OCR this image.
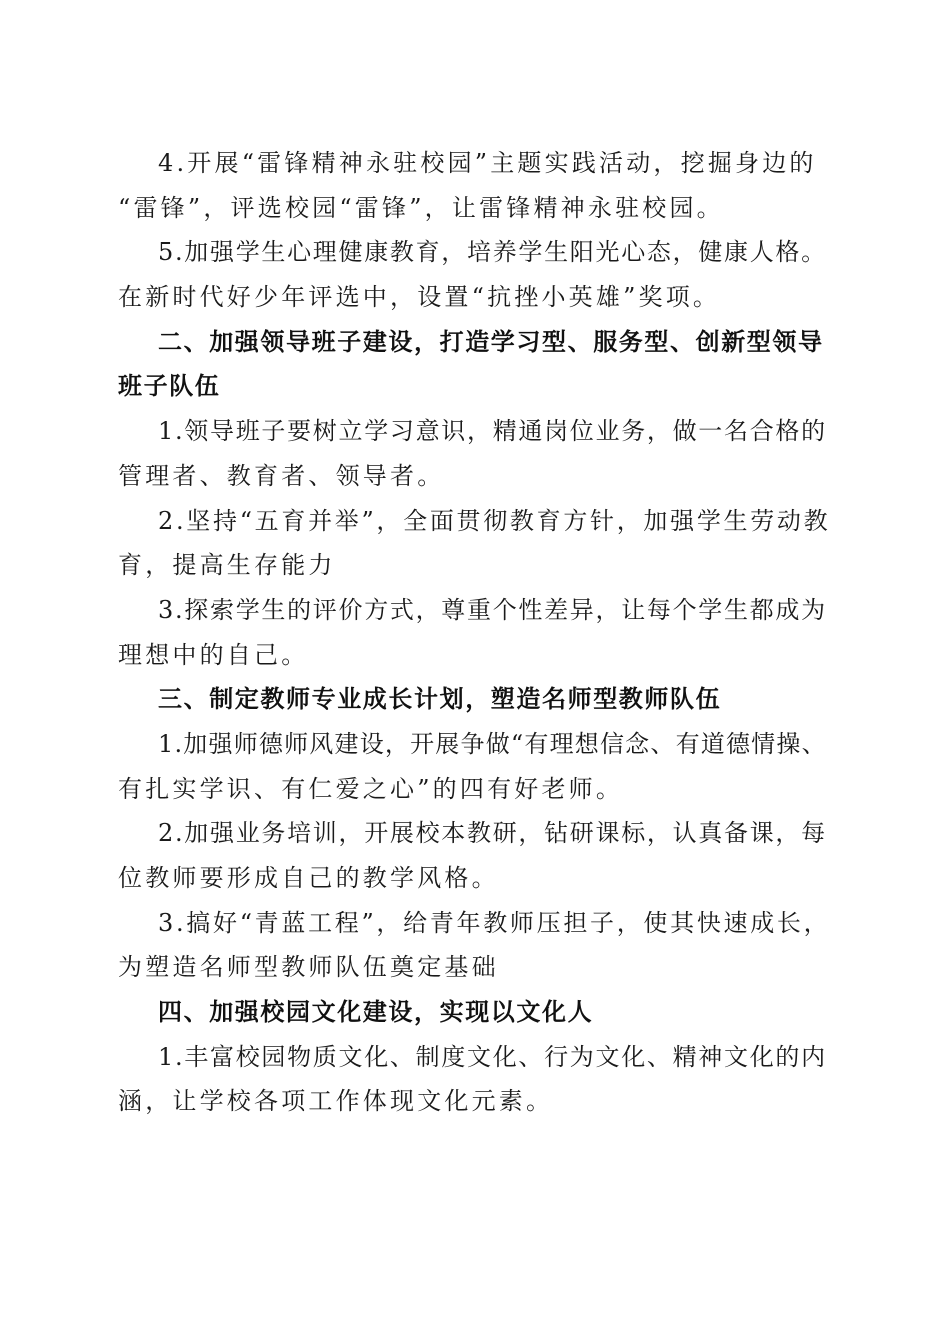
4.开展“雷锋精神永驻校园”主题实践活动，挖掘身边的
“雷锋”，评选校园“雷锋”，让雷锋精神永驻校园。
5.加强学生心理健康教育，培养学生阳光心态，健康人格。
在新时代好少年评选中，设置“抗挫小英雄”奖项。
二、加强领导班子建设，打造学习型、服务型、创新型领导
班子队伍
1.领导班子要树立学习意识，精通岗位业务，做一名合格的
管理者、教育者、领导者。
2.坚持“五育并举”，全面贯彻教育方针，加强学生劳动教
育，提高生存能力
3.探索学生的评价方式，尊重个性差异，让每个学生都成为
理想中的自己。
三、制定教师专业成长计划，塑造名师型教师队伍
1.加强师德师风建设，开展争做“有理想信念、有道德情操、
有扎实学识、有仁爱之心”的四有好老师。
2.加强业务培训，开展校本教研，钻研课标，认真备课，每
位教师要形成自己的教学风格。
3.搞好“青蓝工程”，给青年教师压担子，使其快速成长，
为塑造名师型教师队伍奠定基础
四、加强校园文化建设，实现以文化人
1.丰富校园物质文化、制度文化、行为文化、精神文化的内
涵，让学校各项工作体现文化元素。
